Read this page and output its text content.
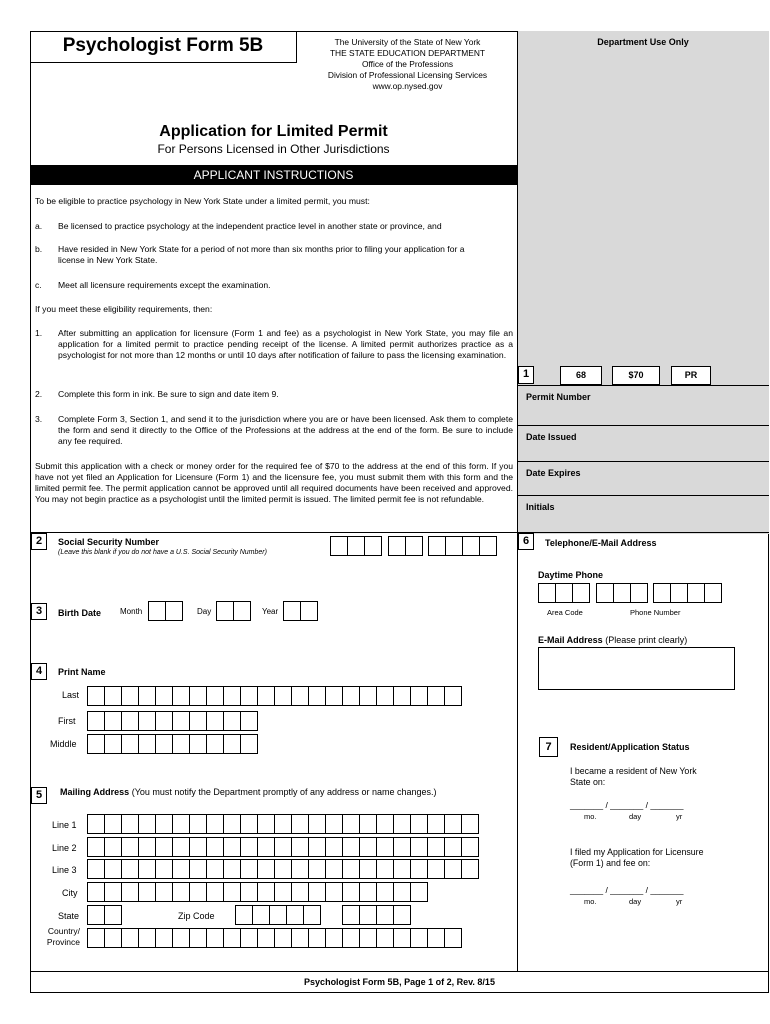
Department Use Only
Psychologist Form 5B	The University of the State of New York
THE STATE EDUCATION DEPARTMENT
Office of the Professions
Division of Professional Licensing Services
www.op.nysed.gov
Application for Limited Permit
For Persons Licensed in Other Jurisdictions
APPLICANT INSTRUCTIONS
To be eligible to practice psychology in New York State under a limited permit, you must:
a. Be licensed to practice psychology at the independent practice level in another state or province, and
b. Have resided in New York State for a period of not more than six months prior to filing your application for a license in New York State.
c. Meet all licensure requirements except the examination.
If you meet these eligibility requirements, then:
1. After submitting an application for licensure (Form 1 and fee) as a psychologist in New York State, you may file an application for a limited permit to practice pending receipt of the license. A limited permit authorizes practice as a psychologist for not more than 12 months or until 10 days after notification of failure to pass the licensing examination.
2. Complete this form in ink. Be sure to sign and date item 9.
3. Complete Form 3, Section 1, and send it to the jurisdiction where you are or have been licensed. Ask them to complete the form and send it directly to the Office of the Professions at the address at the end of the form. Be sure to include any fee required.
Submit this application with a check or money order for the required fee of $70 to the address at the end of this form. If you have not yet filed an Application for Licensure (Form 1) and the licensure fee, you must submit them with this form and the limited permit fee. The permit application cannot be approved until all required documents have been received and approved. You may not begin practice as a psychologist until the limited permit is issued. The limited permit fee is not refundable.
1	68	$70	PR
Permit Number
Date Issued
Date Expires
Initials
2	Social Security Number
(Leave this blank if you do not have a U.S. Social Security Number)
3	Birth Date Month	Day	Year
4	Print Name
Last
First
Middle
5	Mailing Address (You must notify the Department promptly of any address or name changes.)
Line 1
Line 2
Line 3
City
State	Zip Code
Country/
Province
6	Telephone/E-Mail Address
Daytime Phone
Area Code	Phone Number
E-Mail Address (Please print clearly)
7	Resident/Application Status
I became a resident of New York State on:
_______ / _______ / _______
mo.	day	yr
I filed my Application for Licensure (Form 1) and fee on:
_______ / _______ / _______
mo.	day	yr
Psychologist Form 5B, Page 1 of 2, Rev. 8/15
